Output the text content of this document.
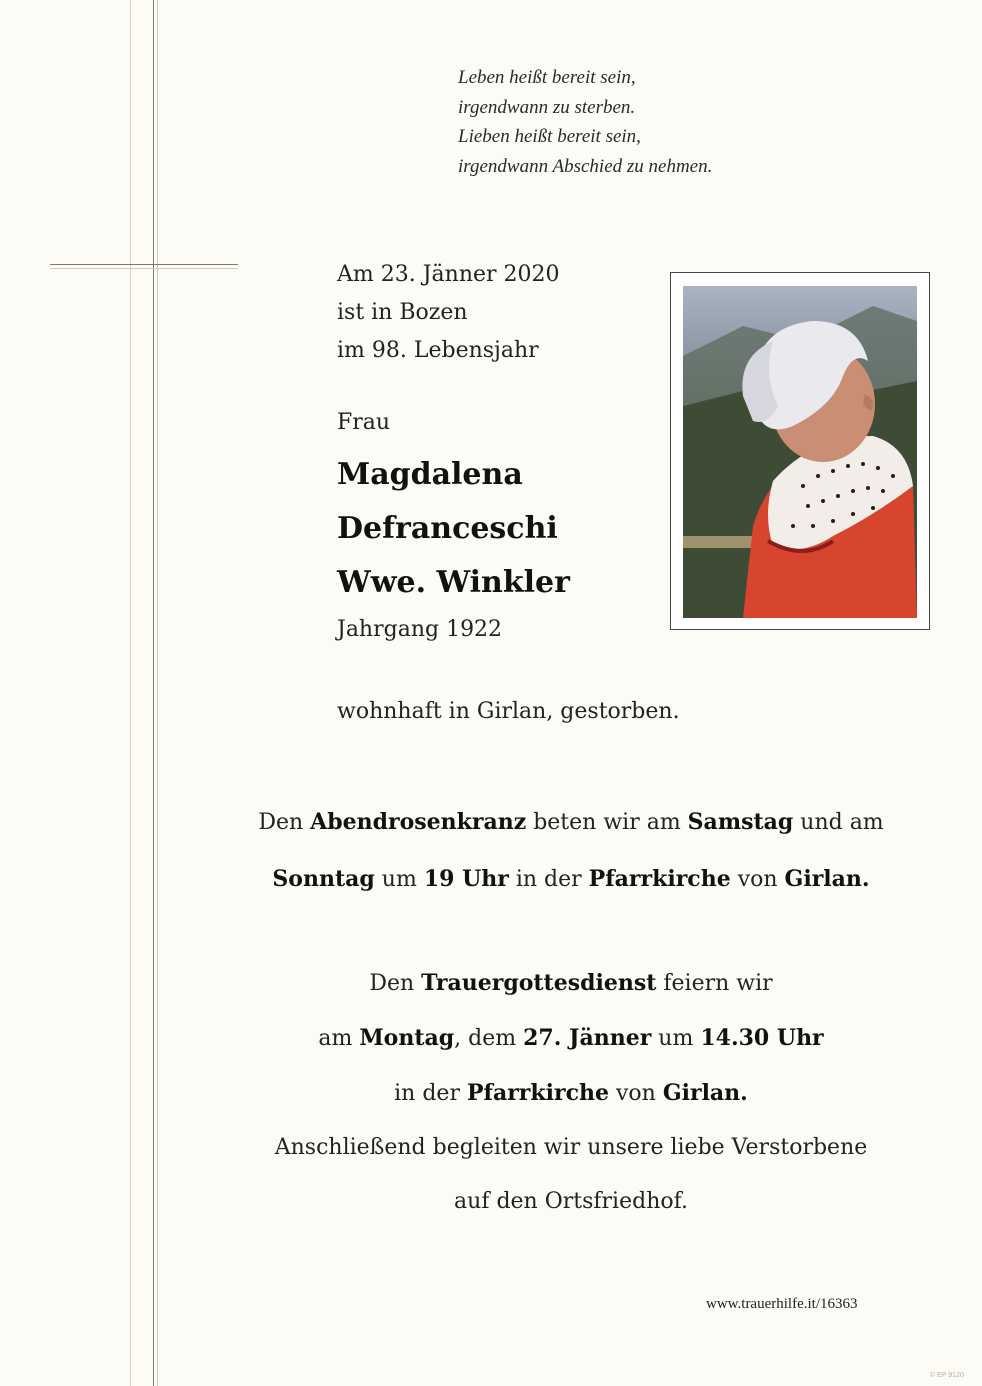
Leben heißt bereit sein,
irgendwann zu sterben.
Lieben heißt bereit sein,
irgendwann Abschied zu nehmen.
Am 23. Jänner 2020
ist in Bozen
im 98. Lebensjahr
Frau
Magdalena
Defranceschi
Wwe. Winkler
Jahrgang 1922
wohnhaft in Girlan, gestorben.
Den Abendrosenkranz beten wir am Samstag und am
Sonntag um 19 Uhr in der Pfarrkirche von Girlan.
Den Trauergottesdienst feiern wir
am Montag, dem 27. Jänner um 14.30 Uhr
in der Pfarrkirche von Girlan.
Anschließend begleiten wir unsere liebe Verstorbene
auf den Ortsfriedhof.
www.trauerhilfe.it/16363
© EP 9120
